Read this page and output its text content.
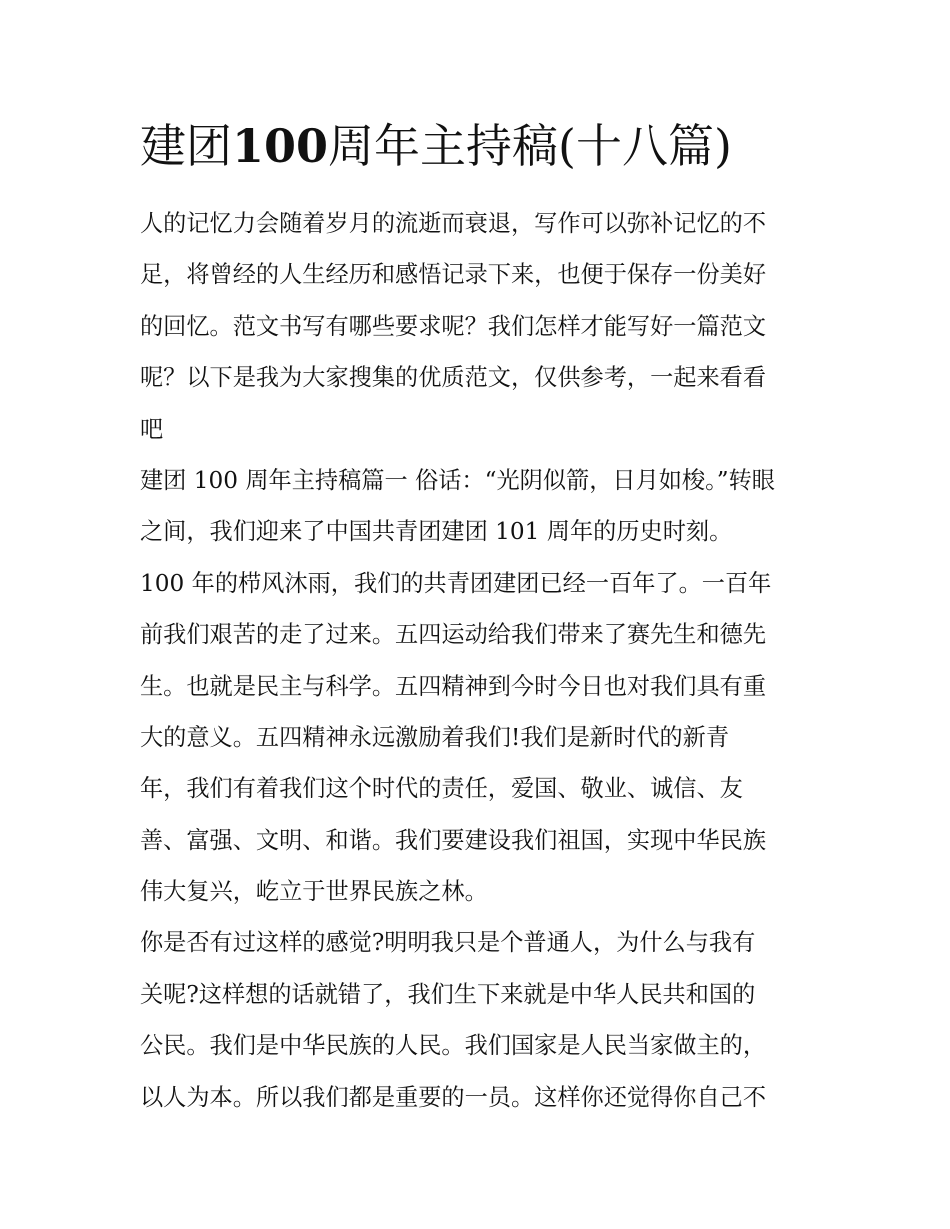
建团100周年主持稿(十八篇)

人的记忆力会随着岁月的流逝而衰退，写作可以弥补记忆的不
足，将曾经的人生经历和感悟记录下来，也便于保存一份美好
的回忆。范文书写有哪些要求呢？我们怎样才能写好一篇范文
呢？以下是我为大家搜集的优质范文，仅供参考，一起来看看
吧

建团 100 周年主持稿篇一 俗话：“光阴似箭，日月如梭。”转眼
之间，我们迎来了中国共青团建团 101 周年的历史时刻。

100 年的栉风沐雨，我们的共青团建团已经一百年了。一百年
前我们艰苦的走了过来。五四运动给我们带来了赛先生和德先
生。也就是民主与科学。五四精神到今时今日也对我们具有重
大的意义。五四精神永远激励着我们!我们是新时代的新青
年，我们有着我们这个时代的责任，爱国、敬业、诚信、友
善、富强、文明、和谐。我们要建设我们祖国，实现中华民族
伟大复兴，屹立于世界民族之林。

你是否有过这样的感觉?明明我只是个普通人，为什么与我有
关呢?这样想的话就错了，我们生下来就是中华人民共和国的
公民。我们是中华民族的人民。我们国家是人民当家做主的，
以人为本。所以我们都是重要的一员。这样你还觉得你自己不
